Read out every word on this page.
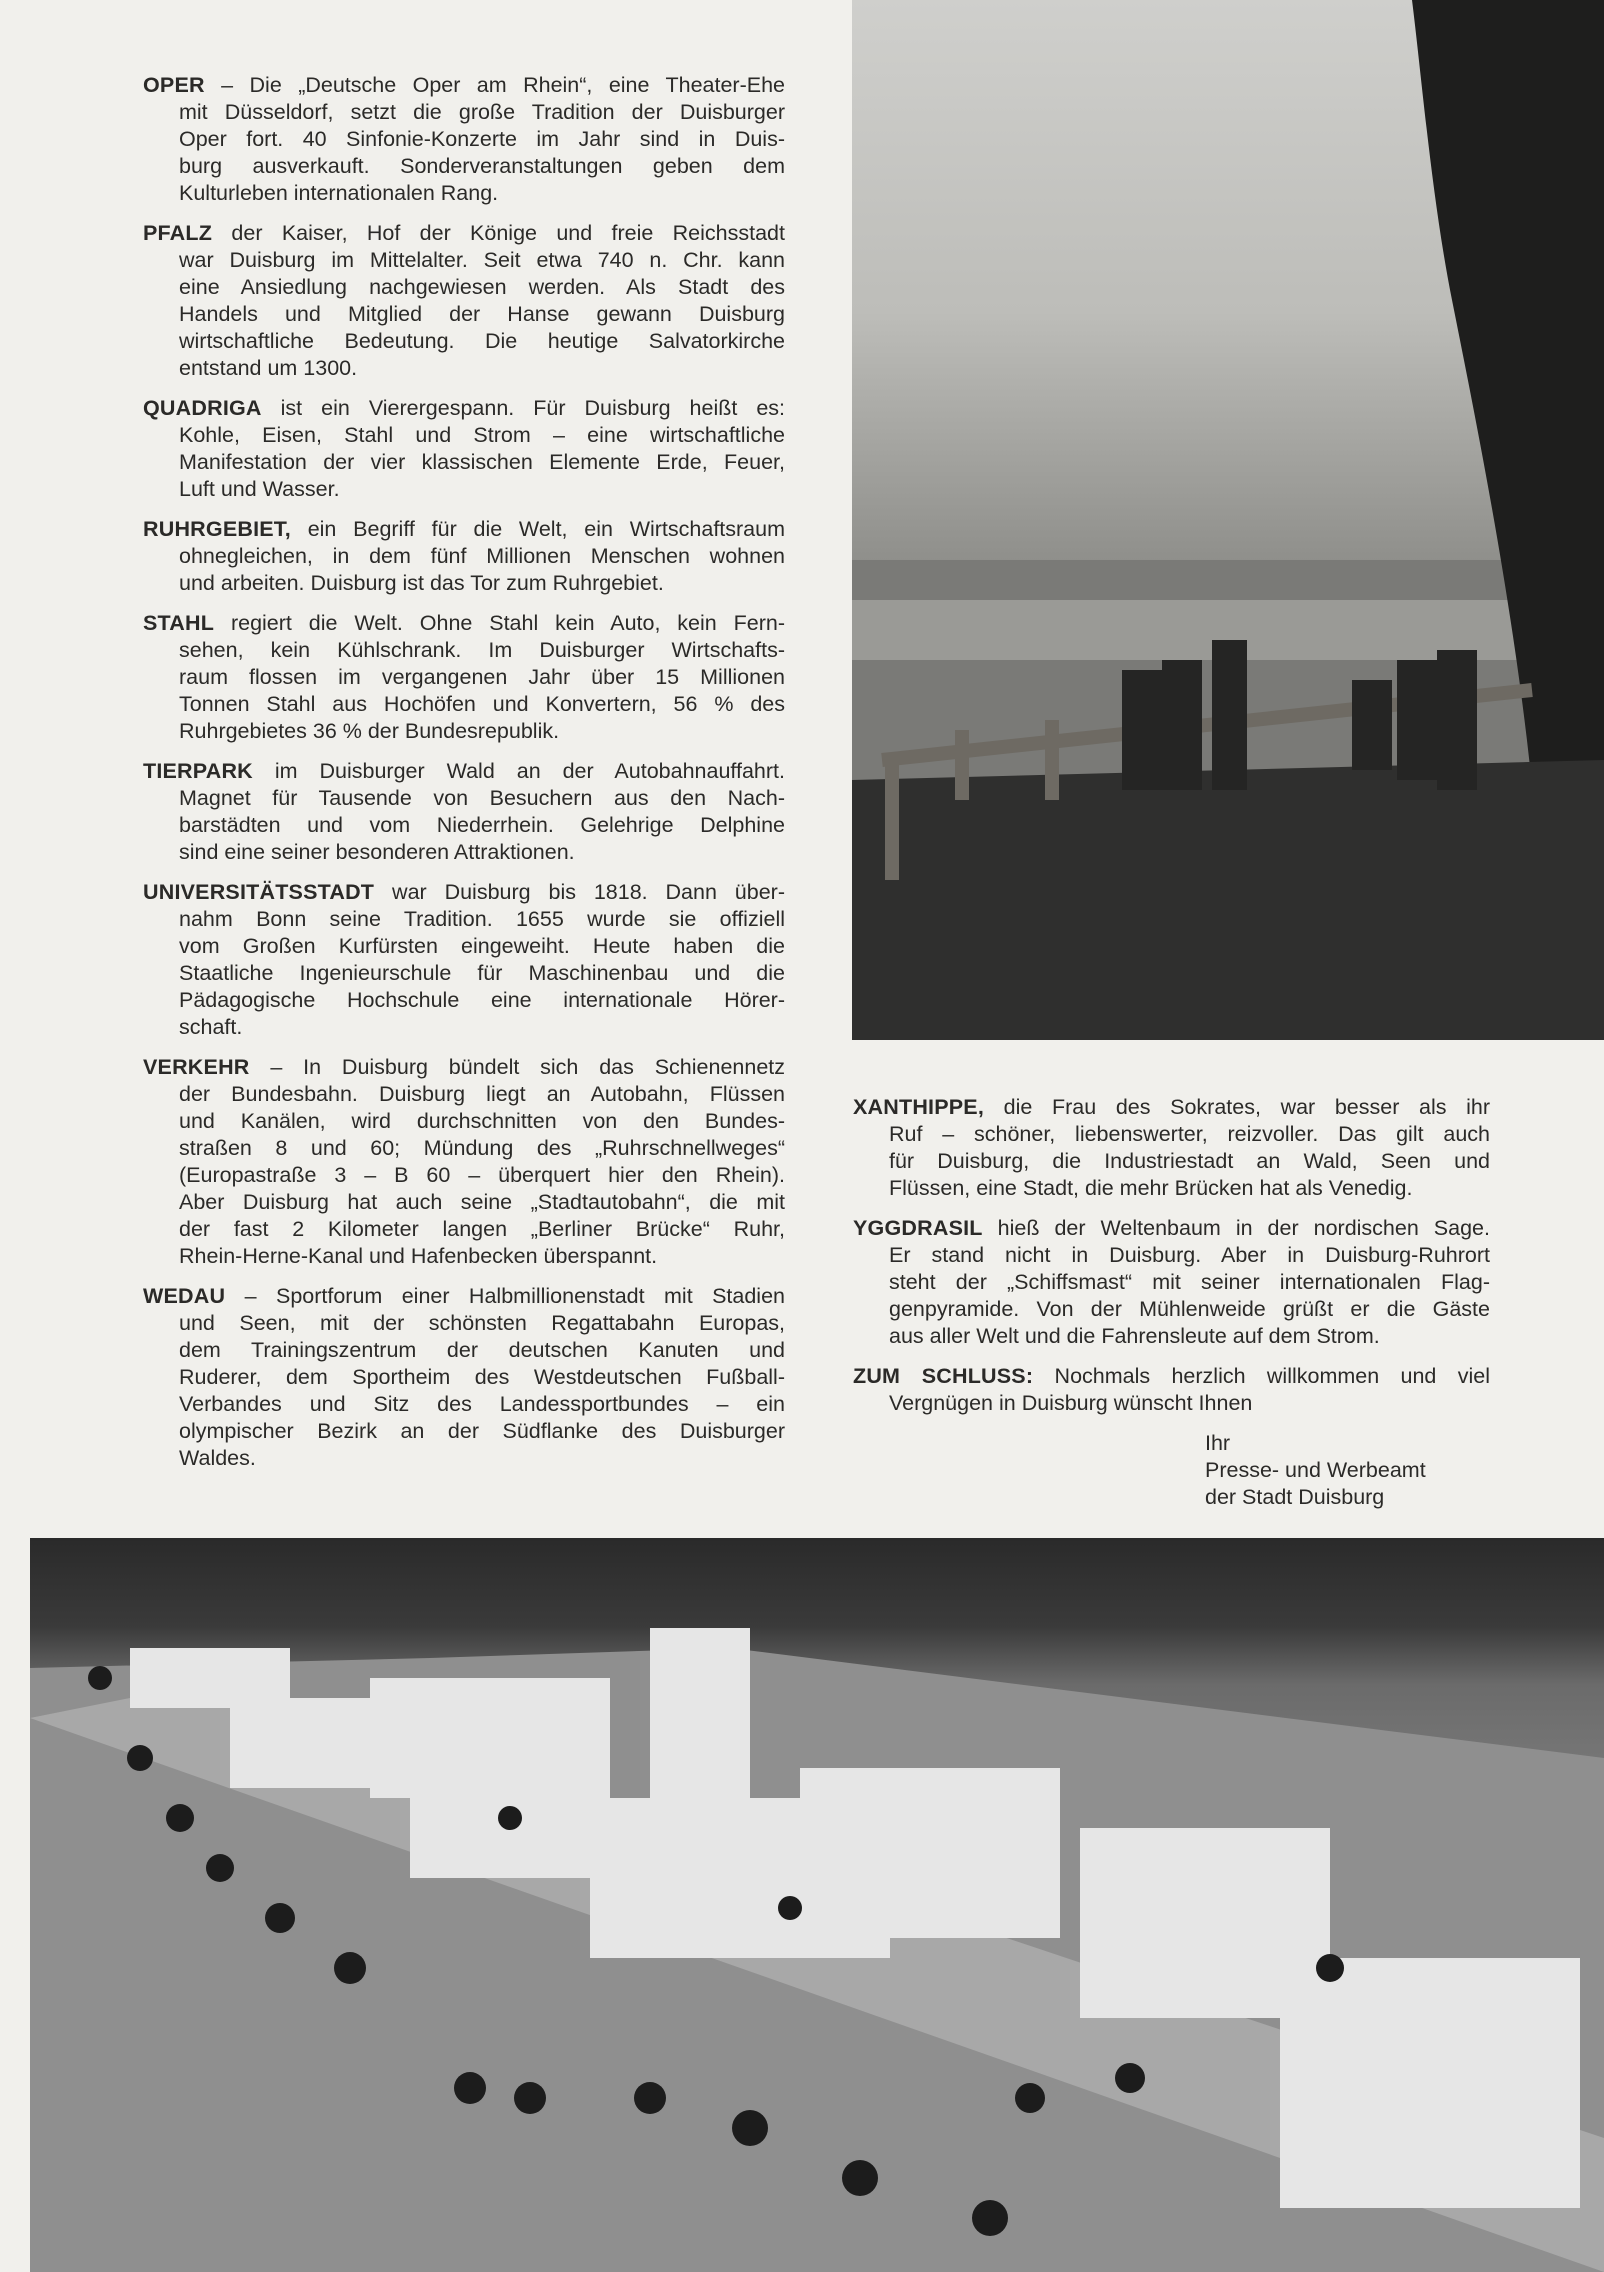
OPER – Die „Deutsche Oper am Rhein“, eine Theater-Ehe
mit Düsseldorf, setzt die große Tradition der Duisburger
Oper fort. 40 Sinfonie-Konzerte im Jahr sind in Duis-
burg ausverkauft. Sonderveranstaltungen geben dem
Kulturleben internationalen Rang.
PFALZ der Kaiser, Hof der Könige und freie Reichsstadt
war Duisburg im Mittelalter. Seit etwa 740 n. Chr. kann
eine Ansiedlung nachgewiesen werden. Als Stadt des
Handels und Mitglied der Hanse gewann Duisburg
wirtschaftliche Bedeutung. Die heutige Salvatorkirche
entstand um 1300.
QUADRIGA ist ein Vierergespann. Für Duisburg heißt es:
Kohle, Eisen, Stahl und Strom – eine wirtschaftliche
Manifestation der vier klassischen Elemente Erde, Feuer,
Luft und Wasser.
RUHRGEBIET, ein Begriff für die Welt, ein Wirtschaftsraum
ohnegleichen, in dem fünf Millionen Menschen wohnen
und arbeiten. Duisburg ist das Tor zum Ruhrgebiet.
STAHL regiert die Welt. Ohne Stahl kein Auto, kein Fern-
sehen, kein Kühlschrank. Im Duisburger Wirtschafts-
raum flossen im vergangenen Jahr über 15 Millionen
Tonnen Stahl aus Hochöfen und Konvertern, 56 % des
Ruhrgebietes 36 % der Bundesrepublik.
TIERPARK im Duisburger Wald an der Autobahnauffahrt.
Magnet für Tausende von Besuchern aus den Nach-
barstädten und vom Niederrhein. Gelehrige Delphine
sind eine seiner besonderen Attraktionen.
UNIVERSITÄTSSTADT war Duisburg bis 1818. Dann über-
nahm Bonn seine Tradition. 1655 wurde sie offiziell
vom Großen Kurfürsten eingeweiht. Heute haben die
Staatliche Ingenieurschule für Maschinenbau und die
Pädagogische Hochschule eine internationale Hörer-
schaft.
VERKEHR – In Duisburg bündelt sich das Schienennetz
der Bundesbahn. Duisburg liegt an Autobahn, Flüssen
und Kanälen, wird durchschnitten von den Bundes-
straßen 8 und 60; Mündung des „Ruhrschnellweges“
(Europastraße 3 – B 60 – überquert hier den Rhein).
Aber Duisburg hat auch seine „Stadtautobahn“, die mit
der fast 2 Kilometer langen „Berliner Brücke“ Ruhr,
Rhein-Herne-Kanal und Hafenbecken überspannt.
WEDAU – Sportforum einer Halbmillionenstadt mit Stadien
und Seen, mit der schönsten Regattabahn Europas,
dem Trainingszentrum der deutschen Kanuten und
Ruderer, dem Sportheim des Westdeutschen Fußball-
Verbandes und Sitz des Landessportbundes – ein
olympischer Bezirk an der Südflanke des Duisburger
Waldes.
XANTHIPPE, die Frau des Sokrates, war besser als ihr
Ruf – schöner, liebenswerter, reizvoller. Das gilt auch
für Duisburg, die Industriestadt an Wald, Seen und
Flüssen, eine Stadt, die mehr Brücken hat als Venedig.
YGGDRASIL hieß der Weltenbaum in der nordischen Sage.
Er stand nicht in Duisburg. Aber in Duisburg-Ruhrort
steht der „Schiffsmast“ mit seiner internationalen Flag-
genpyramide. Von der Mühlenweide grüßt er die Gäste
aus aller Welt und die Fahrensleute auf dem Strom.
ZUM SCHLUSS: Nochmals herzlich willkommen und viel
Vergnügen in Duisburg wünscht Ihnen
Ihr
Presse- und Werbeamt
der Stadt Duisburg
